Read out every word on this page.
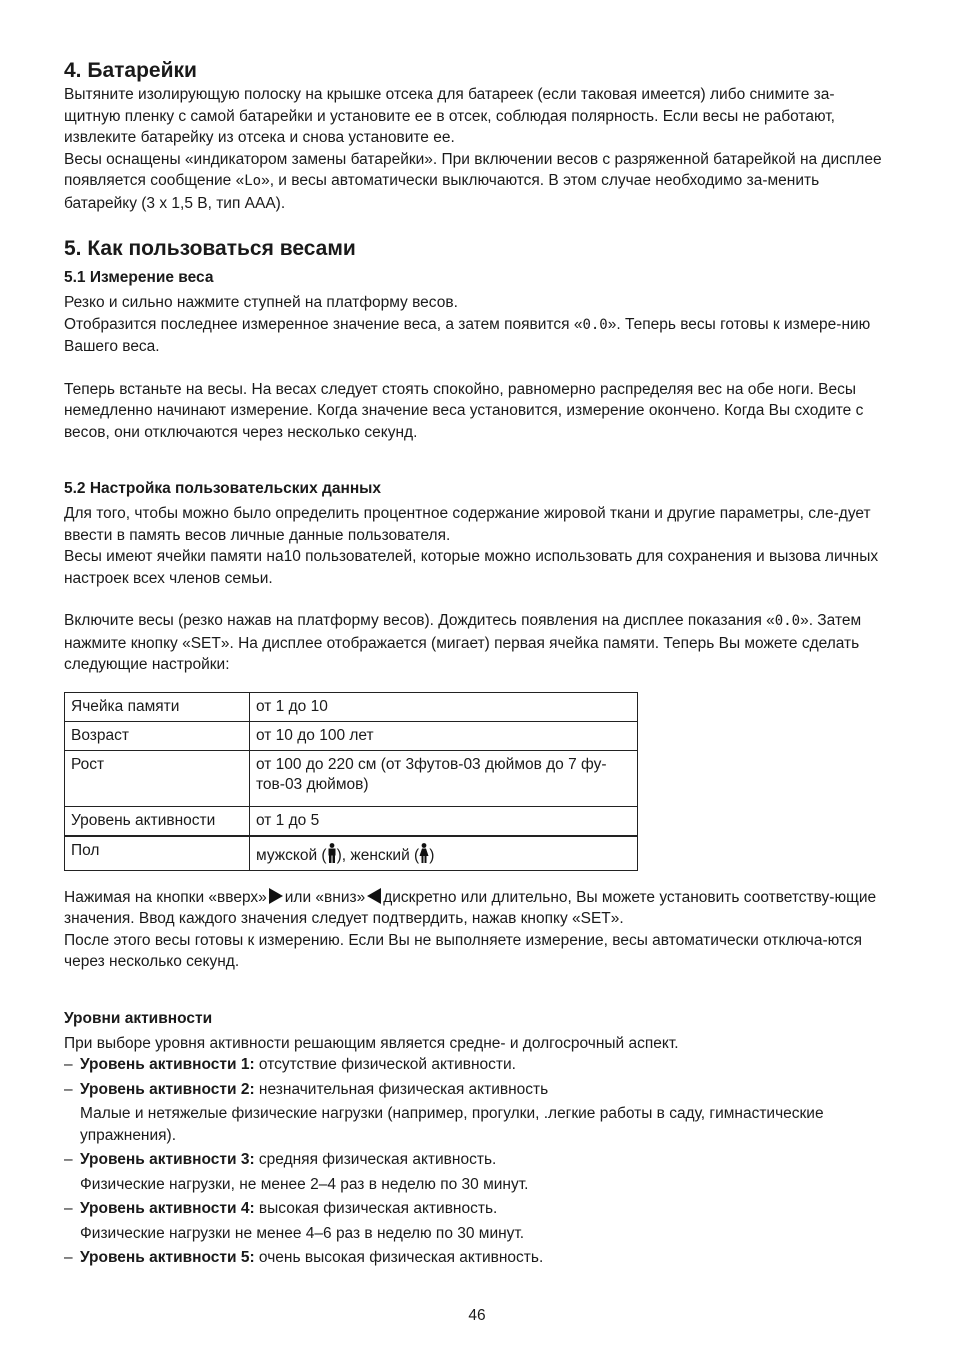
4. Батарейки

Вытяните изолирующую полоску на крышке отсека для батареек (если таковая имеется) либо снимите за-щитную пленку с самой батарейки и установите ее в отсек, соблюдая полярность. Если весы не работают, извлеките батарейку из отсека и снова установите ее.

Весы оснащены «индикатором замены батарейки». При включении весов с разряженной батарейкой на дисплее появляется сообщение «Lo», и весы автоматически выключаются. В этом случае необходимо за-менить батарейку (3 x 1,5 В, тип AAA).

5. Как пользоваться весами
5.1 Измерение веса

Резко и сильно нажмите ступней на платформу весов.

Отобразится последнее измеренное значение веса, а затем появится «0.0». Теперь весы готовы к измере-нию Вашего веса.

Теперь встаньте на весы. На весах следует стоять спокойно, равномерно распределяя вес на обе ноги. Весы немедленно начинают измерение. Когда значение веса установится, измерение окончено. Когда Вы сходите с весов, они отключаются через несколько секунд.

5.2 Настройка пользовательских данных

Для того, чтобы можно было определить процентное содержание жировой ткани и другие параметры, сле-дует ввести в память весов личные данные пользователя.

Весы имеют ячейки памяти на10 пользователей, которые можно использовать для сохранения и вызова личных настроек всех членов семьи.

Включите весы (резко нажав на платформу весов). Дождитесь появления на дисплее показания «0.0». Затем нажмите кнопку «SET». На дисплее отображается (мигает) первая ячейка памяти. Теперь Вы можете сделать следующие настройки:

Ячейка памяти	от 1 до 10
Возраст	от 10 до 100 лет
Рост	от 100 до 220 см (от 3футов-03 дюймов до 7 фу-тов-03 дюймов)
Уровень активности	от 1 до 5
Пол	мужской ( ), женский ( )

Нажимая на кнопки «вверх» или «вниз» дискретно или длительно, Вы можете установить соответству-ющие значения. Ввод каждого значения следует подтвердить, нажав кнопку «SET».

После этого весы готовы к измерению. Если Вы не выполняете измерение, весы автоматически отключа-ются через несколько секунд.

Уровни активности

При выборе уровня активности решающим является средне- и долгосрочный аспект.

– Уровень активности 1: отсутствие физической активности.
– Уровень активности 2: незначительная физическая активность
Малые и нетяжелые физические нагрузки (например, прогулки, .легкие работы в саду, гимнастические упражнения).
– Уровень активности 3: средняя физическая активность.
Физические нагрузки, не менее 2–4 раз в неделю по 30 минут.
– Уровень активности 4: высокая физическая активность.
Физические нагрузки не менее 4–6 раз в неделю по 30 минут.
– Уровень активности 5: очень высокая физическая активность.
46
